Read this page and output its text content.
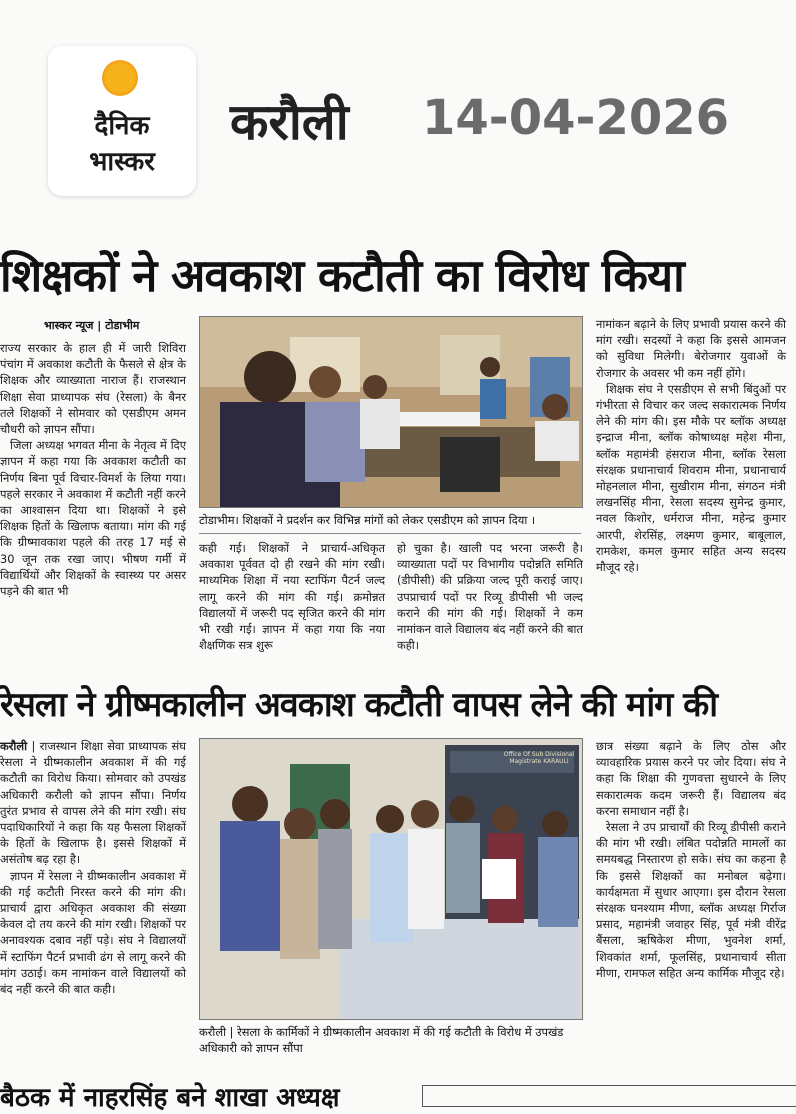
दैनिक
भास्कर
करौली 14-04-2026
शिक्षकों ने अवकाश कटौती का विरोध किया
भास्कर न्यूज | टोडाभीम

राज्य सरकार के हाल ही में जारी शिविरा पंचांग में अवकाश कटौती के फैसले से क्षेत्र के शिक्षक और व्याख्याता नाराज हैं। राजस्थान शिक्षा सेवा प्राध्यापक संघ (रेसला) के बैनर तले शिक्षकों ने सोमवार को एसडीएम अमन चौधरी को ज्ञापन सौंपा।

जिला अध्यक्ष भगवत मीना के नेतृत्व में दिए ज्ञापन में कहा गया कि अवकाश कटौती का निर्णय बिना पूर्व विचार-विमर्श के लिया गया। पहले सरकार ने अवकाश में कटौती नहीं करने का आश्वासन दिया था। शिक्षकों ने इसे शिक्षक हितों के खिलाफ बताया। मांग की गई कि ग्रीष्मावकाश पहले की तरह 17 मई से 30 जून तक रखा जाए। भीषण गर्मी में विद्यार्थियों और शिक्षकों के स्वास्थ्य पर असर पड़ने की बात भी

टोडाभीम। शिक्षकों ने प्रदर्शन कर विभिन्न मांगों को लेकर एसडीएम को ज्ञापन दिया ।

कही गई। शिक्षकों ने प्राचार्य-अधिकृत अवकाश पूर्ववत दो ही रखने की मांग रखी। माध्यमिक शिक्षा में नया स्टाफिंग पैटर्न जल्द लागू करने की मांग की गई। क्रमोन्नत विद्यालयों में जरूरी पद सृजित करने की मांग भी रखी गई। ज्ञापन में कहा गया कि नया शैक्षणिक सत्र शुरू

हो चुका है। खाली पद भरना जरूरी है। व्याख्याता पदों पर विभागीय पदोन्नति समिति (डीपीसी) की प्रक्रिया जल्द पूरी कराई जाए। उपप्राचार्य पदों पर रिव्यू डीपीसी भी जल्द कराने की मांग की गई। शिक्षकों ने कम नामांकन वाले विद्यालय बंद नहीं करने की बात कही।

नामांकन बढ़ाने के लिए प्रभावी प्रयास करने की मांग रखी। सदस्यों ने कहा कि इससे आमजन को सुविधा मिलेगी। बेरोजगार युवाओं के रोजगार के अवसर भी कम नहीं होंगे।

शिक्षक संघ ने एसडीएम से सभी बिंदुओं पर गंभीरता से विचार कर जल्द सकारात्मक निर्णय लेने की मांग की। इस मौके पर ब्लॉक अध्यक्ष इन्द्राज मीना, ब्लॉक कोषाध्यक्ष महेश मीना, ब्लॉक महामंत्री हंसराज मीना, ब्लॉक रेसला संरक्षक प्रधानाचार्य शिवराम मीना, प्रधानाचार्य मोहनलाल मीना, सुखीराम मीना, संगठन मंत्री लखनसिंह मीना, रेसला सदस्य सुमेन्द्र कुमार, नवल किशोर, धर्मराज मीना, महेन्द्र कुमार आरपी, शेरसिंह, लक्ष्मण कुमार, बाबूलाल, रामकेश, कमल कुमार सहित अन्य सदस्य मौजूद रहे।

रेसला ने ग्रीष्मकालीन अवकाश कटौती वापस लेने की मांग की

करौली | राजस्थान शिक्षा सेवा प्राध्यापक संघ रेसला ने ग्रीष्मकालीन अवकाश में की गई कटौती का विरोध किया। सोमवार को उपखंड अधिकारी करौली को ज्ञापन सौंपा। निर्णय तुरंत प्रभाव से वापस लेने की मांग रखी। संघ पदाधिकारियों ने कहा कि यह फैसला शिक्षकों के हितों के खिलाफ है। इससे शिक्षकों में असंतोष बढ़ रहा है।

ज्ञापन में रेसला ने ग्रीष्मकालीन अवकाश में की गई कटौती निरस्त करने की मांग की। प्राचार्य द्वारा अधिकृत अवकाश की संख्या केवल दो तय करने की मांग रखी। शिक्षकों पर अनावश्यक दबाव नहीं पड़े। संघ ने विद्यालयों में स्टाफिंग पैटर्न प्रभावी ढंग से लागू करने की मांग उठाई। कम नामांकन वाले विद्यालयों को बंद नहीं करने की बात कही।

Office Of Sub Divisional Magistrate KARAULI
करौली | रेसला के कार्मिकों ने ग्रीष्मकालीन अवकाश में की गई कटौती के विरोध में उपखंड अधिकारी को ज्ञापन सौंपा

छात्र संख्या बढ़ाने के लिए ठोस और व्यावहारिक प्रयास करने पर जोर दिया। संघ ने कहा कि शिक्षा की गुणवत्ता सुधारने के लिए सकारात्मक कदम जरूरी हैं। विद्यालय बंद करना समाधान नहीं है।

रेसला ने उप प्राचार्यों की रिव्यू डीपीसी कराने की मांग भी रखी। लंबित पदोन्नति मामलों का समयबद्ध निस्तारण हो सके। संघ का कहना है कि इससे शिक्षकों का मनोबल बढ़ेगा। कार्यक्षमता में सुधार आएगा। इस दौरान रेसला संरक्षक घनश्याम मीणा, ब्लॉक अध्यक्ष गिर्राज प्रसाद, महामंत्री जवाहर सिंह, पूर्व मंत्री वीरेंद्र बैंसला, ऋषिकेश मीणा, भुवनेश शर्मा, शिवकांत शर्मा, फूलसिंह, प्रधानाचार्य सीता मीणा, रामफल सहित अन्य कार्मिक मौजूद रहे।

बैठक में नाहरसिंह बने शाखा अध्यक्ष
